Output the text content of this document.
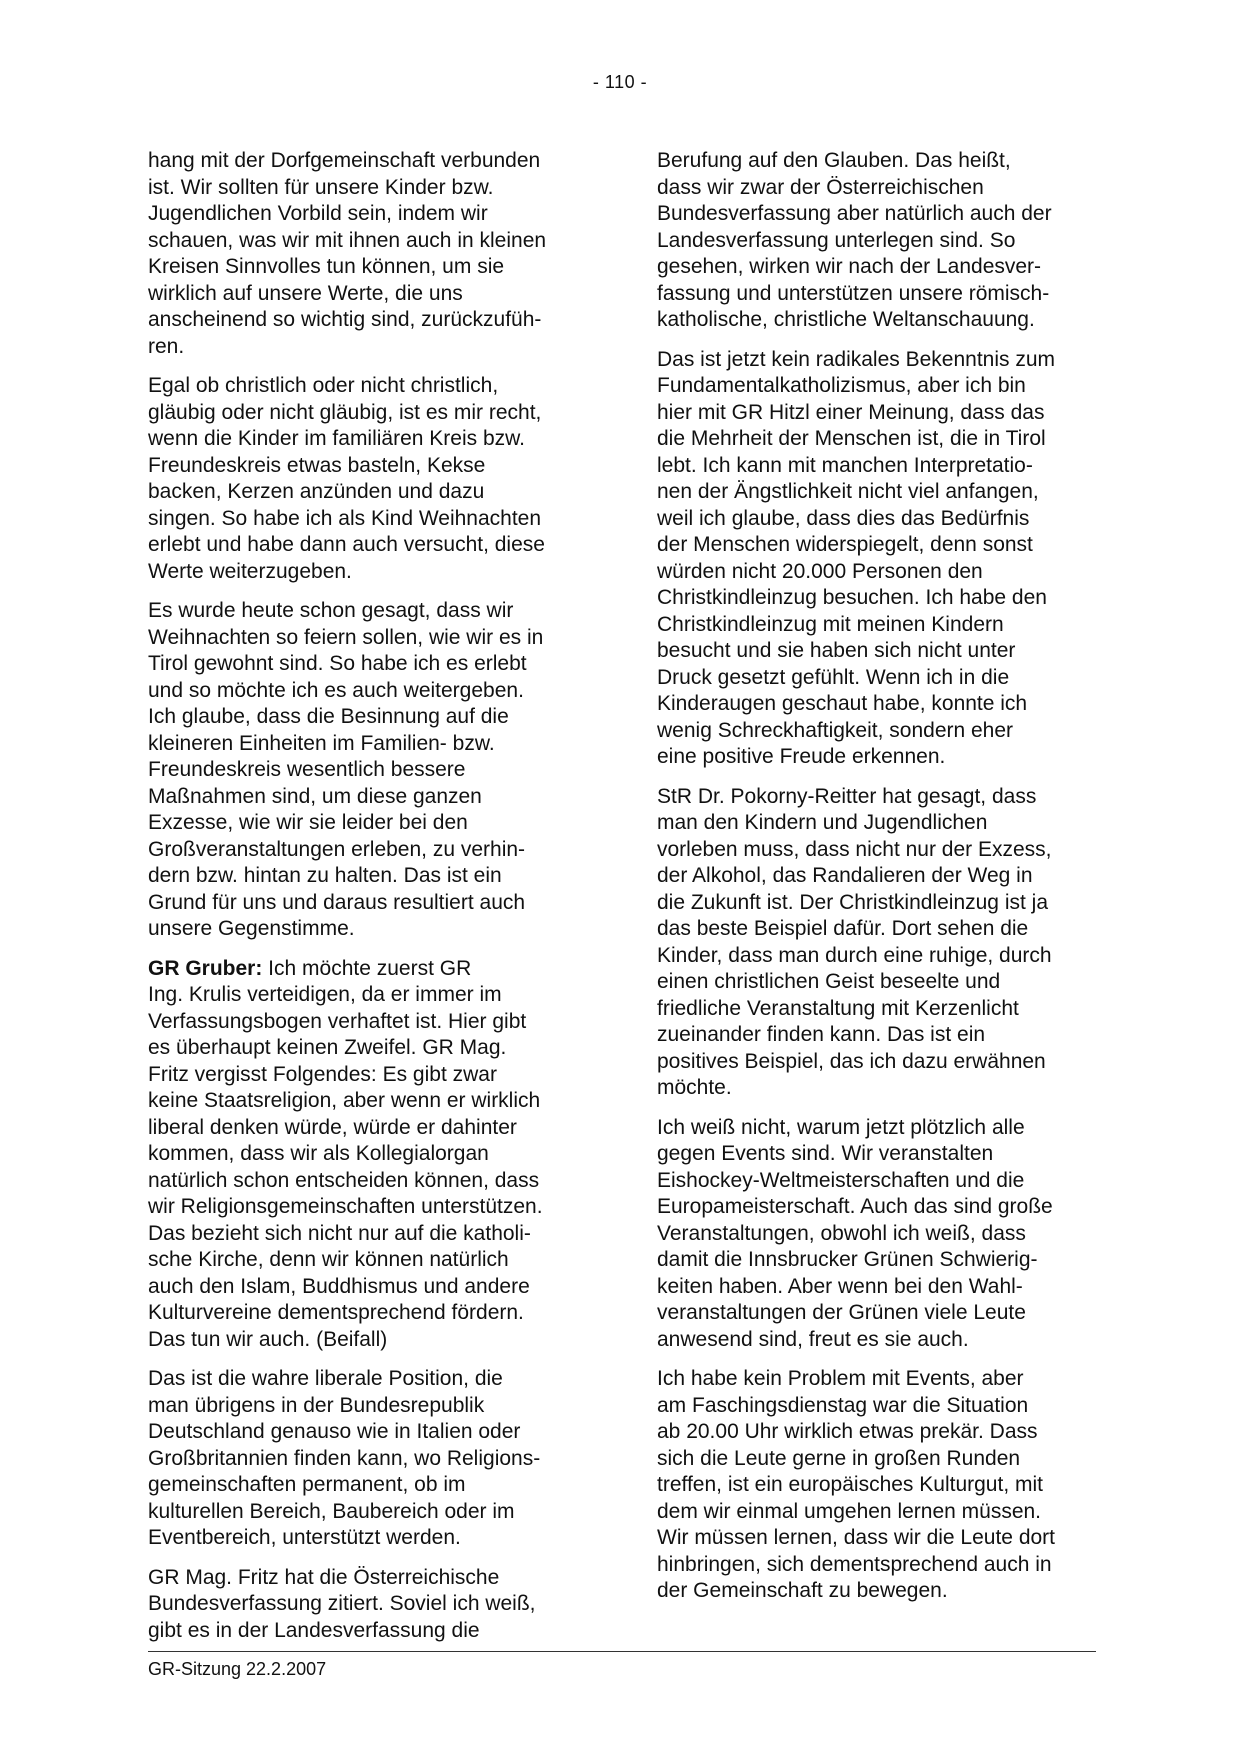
- 110 -

hang mit der Dorfgemeinschaft verbunden
ist. Wir sollten für unsere Kinder bzw.
Jugendlichen Vorbild sein, indem wir
schauen, was wir mit ihnen auch in kleinen
Kreisen Sinnvolles tun können, um sie
wirklich auf unsere Werte, die uns
anscheinend so wichtig sind, zurückzufüh-
ren.

Egal ob christlich oder nicht christlich,
gläubig oder nicht gläubig, ist es mir recht,
wenn die Kinder im familiären Kreis bzw.
Freundeskreis etwas basteln, Kekse
backen, Kerzen anzünden und dazu
singen. So habe ich als Kind Weihnachten
erlebt und habe dann auch versucht, diese
Werte weiterzugeben.

Es wurde heute schon gesagt, dass wir
Weihnachten so feiern sollen, wie wir es in
Tirol gewohnt sind. So habe ich es erlebt
und so möchte ich es auch weitergeben.
Ich glaube, dass die Besinnung auf die
kleineren Einheiten im Familien- bzw.
Freundeskreis wesentlich bessere
Maßnahmen sind, um diese ganzen
Exzesse, wie wir sie leider bei den
Großveranstaltungen erleben, zu verhin-
dern bzw. hintan zu halten. Das ist ein
Grund für uns und daraus resultiert auch
unsere Gegenstimme.

GR Gruber: Ich möchte zuerst GR
Ing. Krulis verteidigen, da er immer im
Verfassungsbogen verhaftet ist. Hier gibt
es überhaupt keinen Zweifel. GR Mag.
Fritz vergisst Folgendes: Es gibt zwar
keine Staatsreligion, aber wenn er wirklich
liberal denken würde, würde er dahinter
kommen, dass wir als Kollegialorgan
natürlich schon entscheiden können, dass
wir Religionsgemeinschaften unterstützen.
Das bezieht sich nicht nur auf die katholi-
sche Kirche, denn wir können natürlich
auch den Islam, Buddhismus und andere
Kulturvereine dementsprechend fördern.
Das tun wir auch. (Beifall)

Das ist die wahre liberale Position, die
man übrigens in der Bundesrepublik
Deutschland genauso wie in Italien oder
Großbritannien finden kann, wo Religions-
gemeinschaften permanent, ob im
kulturellen Bereich, Baubereich oder im
Eventbereich, unterstützt werden.

GR Mag. Fritz hat die Österreichische
Bundesverfassung zitiert. Soviel ich weiß,
gibt es in der Landesverfassung die

Berufung auf den Glauben. Das heißt,
dass wir zwar der Österreichischen
Bundesverfassung aber natürlich auch der
Landesverfassung unterlegen sind. So
gesehen, wirken wir nach der Landesver-
fassung und unterstützen unsere römisch-
katholische, christliche Weltanschauung.

Das ist jetzt kein radikales Bekenntnis zum
Fundamentalkatholizismus, aber ich bin
hier mit GR Hitzl einer Meinung, dass das
die Mehrheit der Menschen ist, die in Tirol
lebt. Ich kann mit manchen Interpretatio-
nen der Ängstlichkeit nicht viel anfangen,
weil ich glaube, dass dies das Bedürfnis
der Menschen widerspiegelt, denn sonst
würden nicht 20.000 Personen den
Christkindleinzug besuchen. Ich habe den
Christkindleinzug mit meinen Kindern
besucht und sie haben sich nicht unter
Druck gesetzt gefühlt. Wenn ich in die
Kinderaugen geschaut habe, konnte ich
wenig Schreckhaftigkeit, sondern eher
eine positive Freude erkennen.

StR Dr. Pokorny-Reitter hat gesagt, dass
man den Kindern und Jugendlichen
vorleben muss, dass nicht nur der Exzess,
der Alkohol, das Randalieren der Weg in
die Zukunft ist. Der Christkindleinzug ist ja
das beste Beispiel dafür. Dort sehen die
Kinder, dass man durch eine ruhige, durch
einen christlichen Geist beseelte und
friedliche Veranstaltung mit Kerzenlicht
zueinander finden kann. Das ist ein
positives Beispiel, das ich dazu erwähnen
möchte.

Ich weiß nicht, warum jetzt plötzlich alle
gegen Events sind. Wir veranstalten
Eishockey-Weltmeisterschaften und die
Europameisterschaft. Auch das sind große
Veranstaltungen, obwohl ich weiß, dass
damit die Innsbrucker Grünen Schwierig-
keiten haben. Aber wenn bei den Wahl-
veranstaltungen der Grünen viele Leute
anwesend sind, freut es sie auch.

Ich habe kein Problem mit Events, aber
am Faschingsdienstag war die Situation
ab 20.00 Uhr wirklich etwas prekär. Dass
sich die Leute gerne in großen Runden
treffen, ist ein europäisches Kulturgut, mit
dem wir einmal umgehen lernen müssen.
Wir müssen lernen, dass wir die Leute dort
hinbringen, sich dementsprechend auch in
der Gemeinschaft zu bewegen.

GR-Sitzung 22.2.2007
